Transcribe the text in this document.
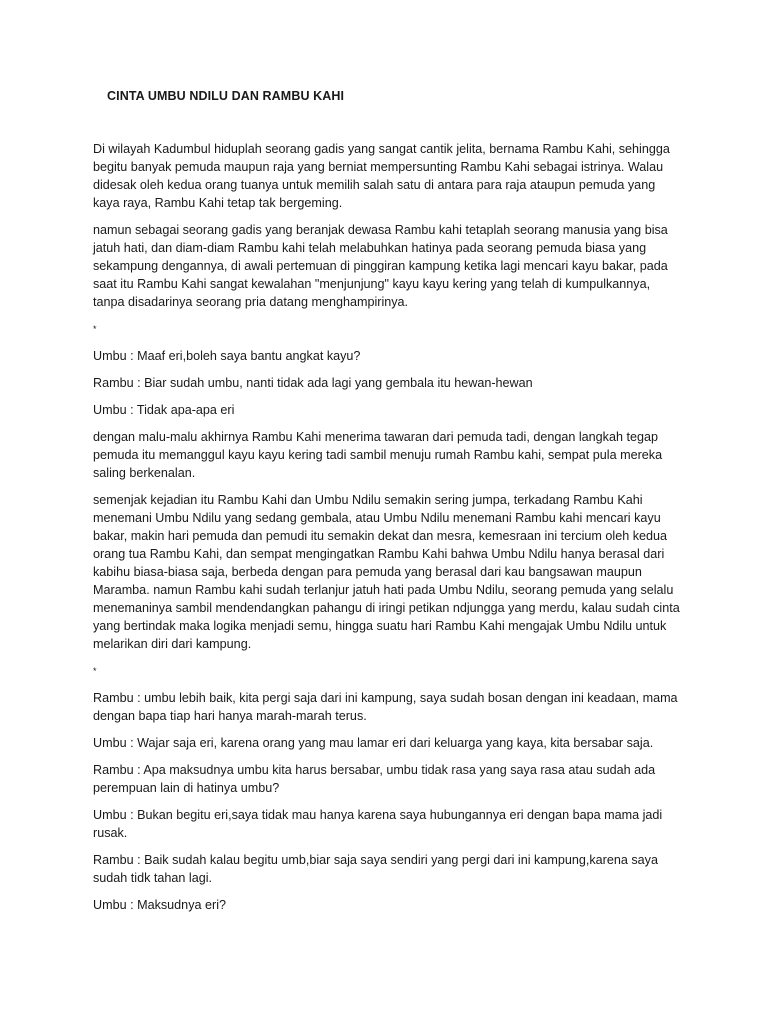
CINTA UMBU NDILU DAN RAMBU KAHI

Di wilayah Kadumbul hiduplah seorang gadis yang sangat cantik jelita, bernama Rambu Kahi, sehingga begitu banyak pemuda maupun raja yang berniat mempersunting Rambu Kahi sebagai istrinya. Walau didesak oleh kedua orang tuanya untuk memilih salah satu di antara para raja ataupun pemuda yang kaya raya, Rambu Kahi tetap tak bergeming.

namun sebagai seorang gadis yang beranjak dewasa Rambu kahi tetaplah seorang manusia yang bisa jatuh hati, dan diam-diam Rambu kahi telah melabuhkan hatinya pada seorang pemuda biasa yang sekampung dengannya, di awali pertemuan di pinggiran kampung ketika lagi mencari kayu bakar, pada saat itu Rambu Kahi sangat kewalahan "menjunjung" kayu kayu kering yang telah di kumpulkannya, tanpa disadarinya seorang pria datang menghampirinya.

*

Umbu : Maaf eri,boleh saya bantu angkat kayu?

Rambu : Biar sudah umbu, nanti tidak ada lagi yang gembala itu hewan-hewan

Umbu : Tidak apa-apa eri

dengan malu-malu akhirnya Rambu Kahi menerima tawaran dari pemuda tadi, dengan langkah tegap pemuda itu memanggul kayu kayu kering tadi sambil menuju rumah Rambu kahi, sempat pula mereka saling berkenalan.

semenjak kejadian itu Rambu Kahi dan Umbu Ndilu semakin sering jumpa, terkadang Rambu Kahi menemani Umbu Ndilu yang sedang gembala, atau Umbu Ndilu menemani Rambu kahi mencari kayu bakar, makin hari pemuda dan pemudi itu semakin dekat dan mesra, kemesraan ini tercium oleh kedua orang tua Rambu Kahi, dan sempat mengingatkan Rambu Kahi bahwa Umbu Ndilu hanya berasal dari kabihu biasa-biasa saja, berbeda dengan para pemuda yang berasal dari kau bangsawan maupun Maramba. namun Rambu kahi sudah terlanjur jatuh hati pada Umbu Ndilu, seorang pemuda yang selalu menemaninya sambil mendendangkan pahangu di iringi petikan ndjungga yang merdu, kalau sudah cinta yang bertindak maka logika menjadi semu, hingga suatu hari Rambu Kahi mengajak Umbu Ndilu untuk melarikan diri dari kampung.

*

Rambu : umbu lebih baik, kita pergi saja dari ini kampung, saya sudah bosan dengan ini keadaan, mama dengan bapa tiap hari hanya marah-marah terus.

Umbu : Wajar saja eri, karena orang yang mau lamar eri dari keluarga yang kaya, kita bersabar saja.

Rambu : Apa maksudnya umbu kita harus bersabar, umbu tidak rasa yang saya rasa atau sudah ada perempuan lain di hatinya umbu?

Umbu : Bukan begitu eri,saya tidak mau hanya karena saya hubungannya eri dengan bapa mama jadi rusak.

Rambu : Baik sudah kalau begitu umb,biar saja saya sendiri yang pergi dari ini kampung,karena saya sudah tidk tahan lagi.

Umbu : Maksudnya eri?
